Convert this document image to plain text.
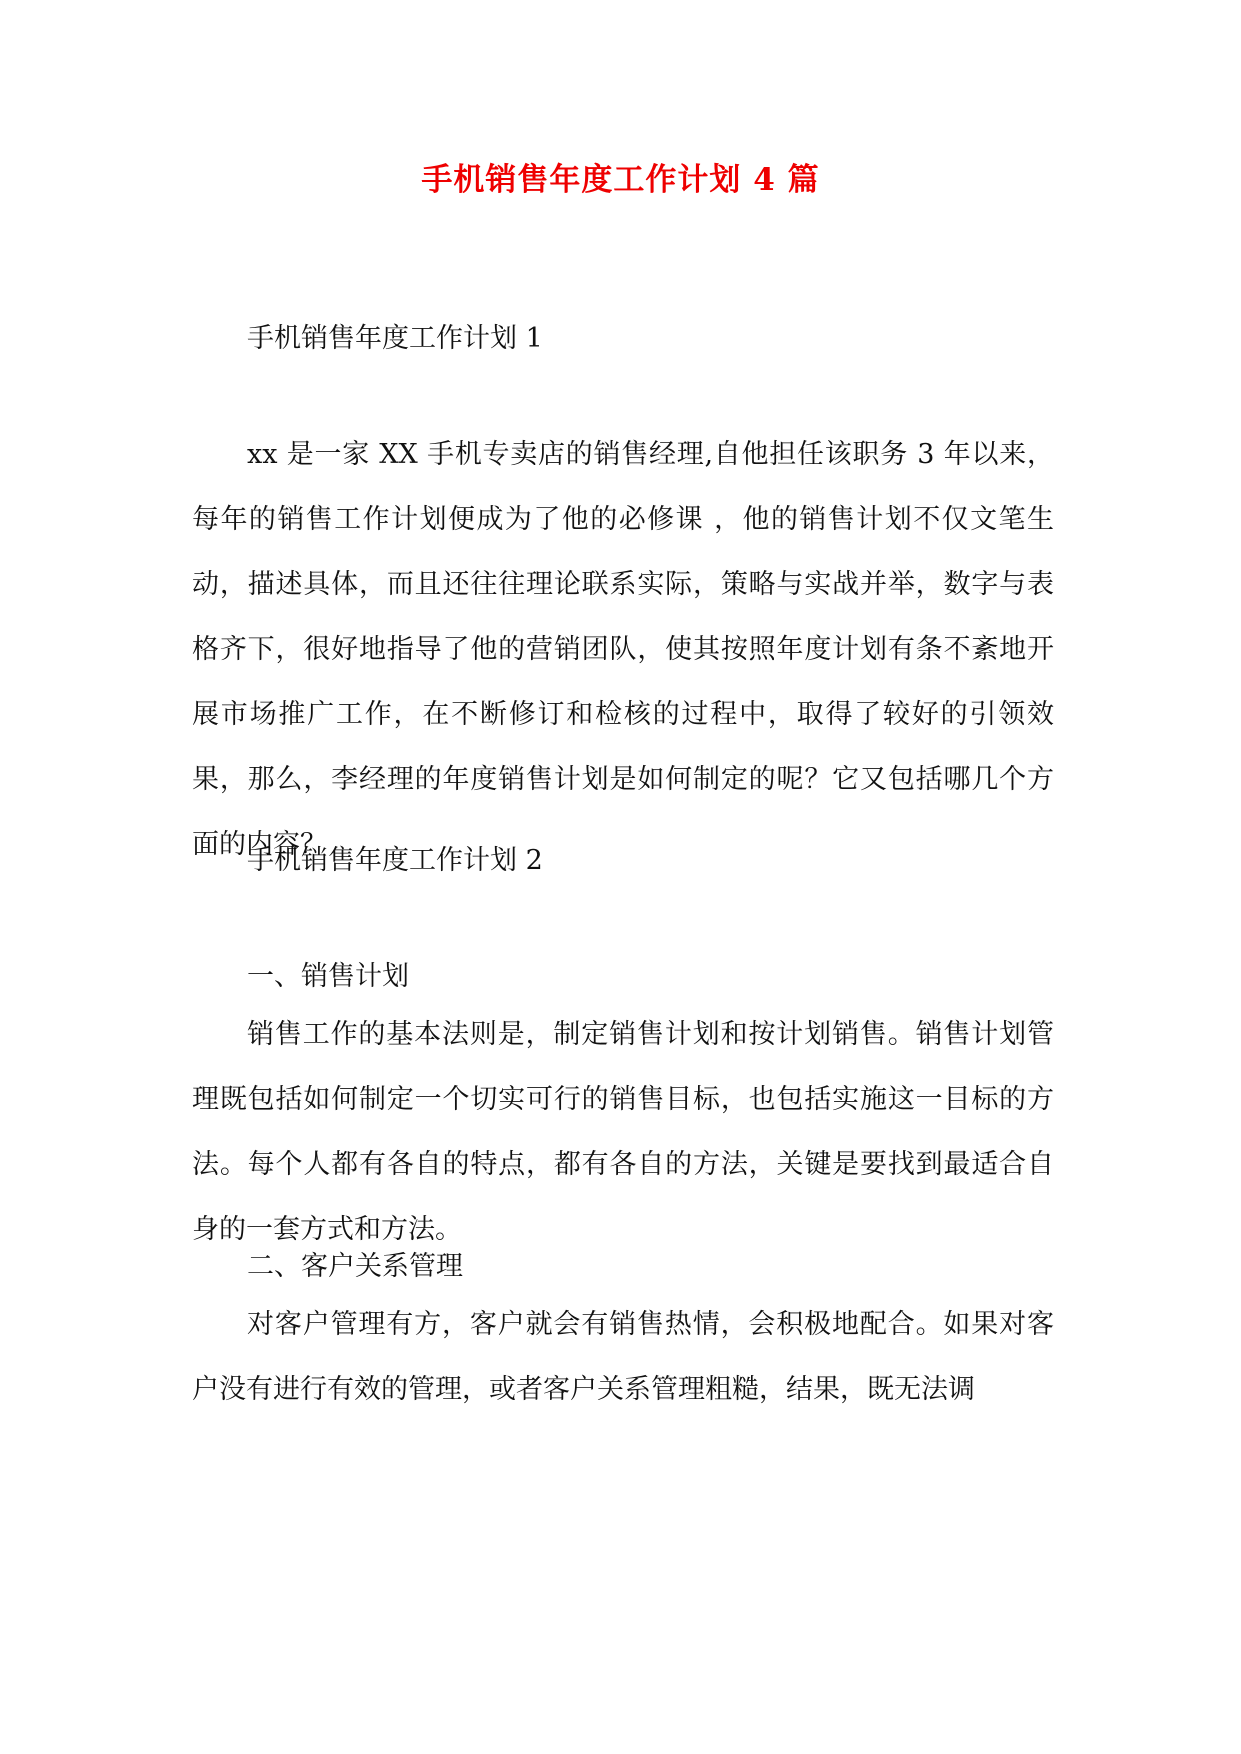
手机销售年度工作计划 4 篇

手机销售年度工作计划 1

xx 是一家 XX 手机专卖店的销售经理,自他担任该职务 3 年以来，每年的销售工作计划便成为了他的必修课 ，他的销售计划不仅文笔生动，描述具体，而且还往往理论联系实际，策略与实战并举，数字与表格齐下，很好地指导了他的营销团队，使其按照年度计划有条不紊地开展市场推广工作，在不断修订和检核的过程中，取得了较好的引领效果，那么，李经理的年度销售计划是如何制定的呢？它又包括哪几个方面的内容？

手机销售年度工作计划 2

一、销售计划

销售工作的基本法则是，制定销售计划和按计划销售。销售计划管理既包括如何制定一个切实可行的销售目标，也包括实施这一目标的方法。每个人都有各自的特点，都有各自的方法，关键是要找到最适合自身的一套方式和方法。

二、客户关系管理

对客户管理有方，客户就会有销售热情，会积极地配合。如果对客户没有进行有效的管理，或者客户关系管理粗糙，结果，既无法调
